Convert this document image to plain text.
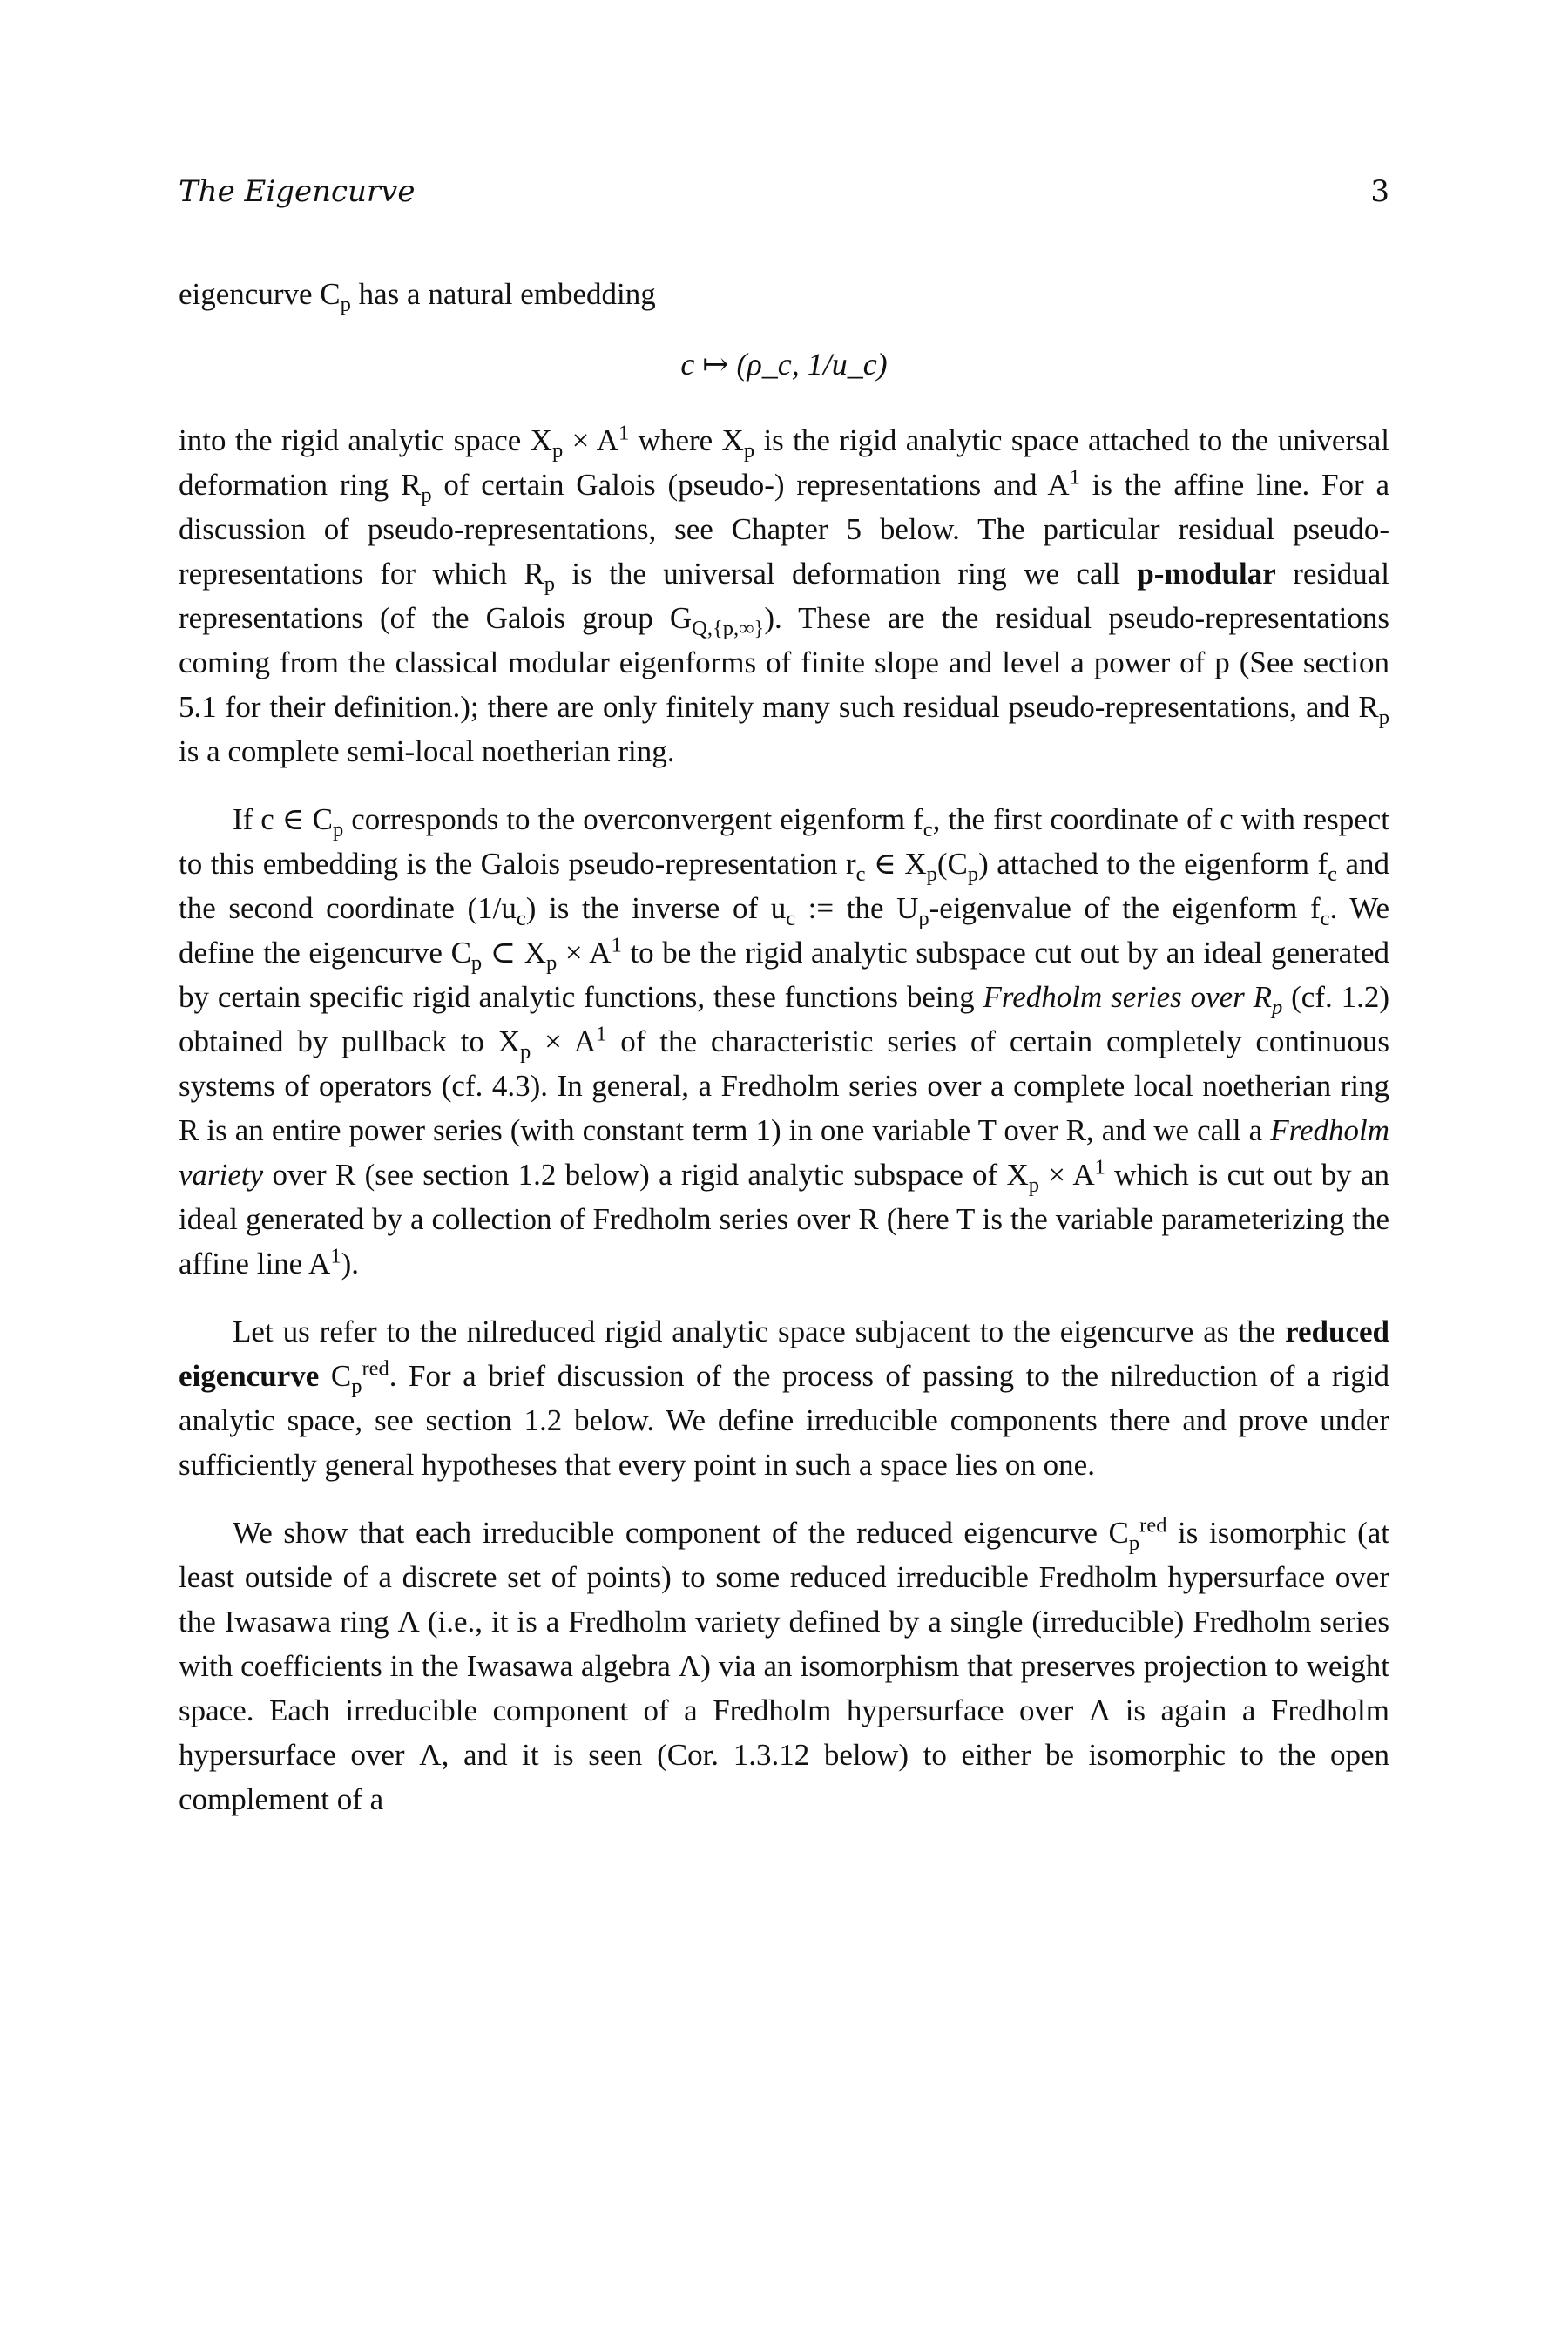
The Eigencurve	3

eigencurve $C_p$ has a natural embedding

c ↦ (ρ_c, 1/u_c)

into the rigid analytic space $X_p \times A^1$ where $X_p$ is the rigid analytic space attached to the universal deformation ring $R_p$ of certain Galois (pseudo-) representations and $A^1$ is the affine line. For a discussion of pseudo-representations, see Chapter 5 below. The particular residual pseudo-representations for which $R_p$ is the universal deformation ring we call p-modular residual representations (of the Galois group $G_{Q,\{p,\infty\}}$). These are the residual pseudo-representations coming from the classical modular eigenforms of finite slope and level a power of p (See section 5.1 for their definition.); there are only finitely many such residual pseudo-representations, and $R_p$ is a complete semi-local noetherian ring.

If c ∈ $C_p$ corresponds to the overconvergent eigenform $f_c$, the first coordinate of c with respect to this embedding is the Galois pseudo-representation $r_c$ ∈ $X_p(C_p)$ attached to the eigenform $f_c$ and the second coordinate $(1/u_c)$ is the inverse of $u_c$ := the $U_p$-eigenvalue of the eigenform $f_c$. We define the eigencurve $C_p$ ⊂ $X_p \times A^1$ to be the rigid analytic subspace cut out by an ideal generated by certain specific rigid analytic functions, these functions being Fredholm series over $R_p$ (cf. 1.2) obtained by pullback to $X_p \times A^1$ of the characteristic series of certain completely continuous systems of operators (cf. 4.3). In general, a Fredholm series over a complete local noetherian ring R is an entire power series (with constant term 1) in one variable T over R, and we call a Fredholm variety over R (see section 1.2 below) a rigid analytic subspace of $X_p \times A^1$ which is cut out by an ideal generated by a collection of Fredholm series over R (here T is the variable parameterizing the affine line $A^1$).

Let us refer to the nilreduced rigid analytic space subjacent to the eigencurve as the reduced eigencurve $C_p^{red}$. For a brief discussion of the process of passing to the nilreduction of a rigid analytic space, see section 1.2 below. We define irreducible components there and prove under sufficiently general hypotheses that every point in such a space lies on one.

We show that each irreducible component of the reduced eigencurve $C_p^{red}$ is isomorphic (at least outside of a discrete set of points) to some reduced irreducible Fredholm hypersurface over the Iwasawa ring Λ (i.e., it is a Fredholm variety defined by a single (irreducible) Fredholm series with coefficients in the Iwasawa algebra Λ) via an isomorphism that preserves projection to weight space. Each irreducible component of a Fredholm hypersurface over Λ is again a Fredholm hypersurface over Λ, and it is seen (Cor. 1.3.12 below) to either be isomorphic to the open complement of a
